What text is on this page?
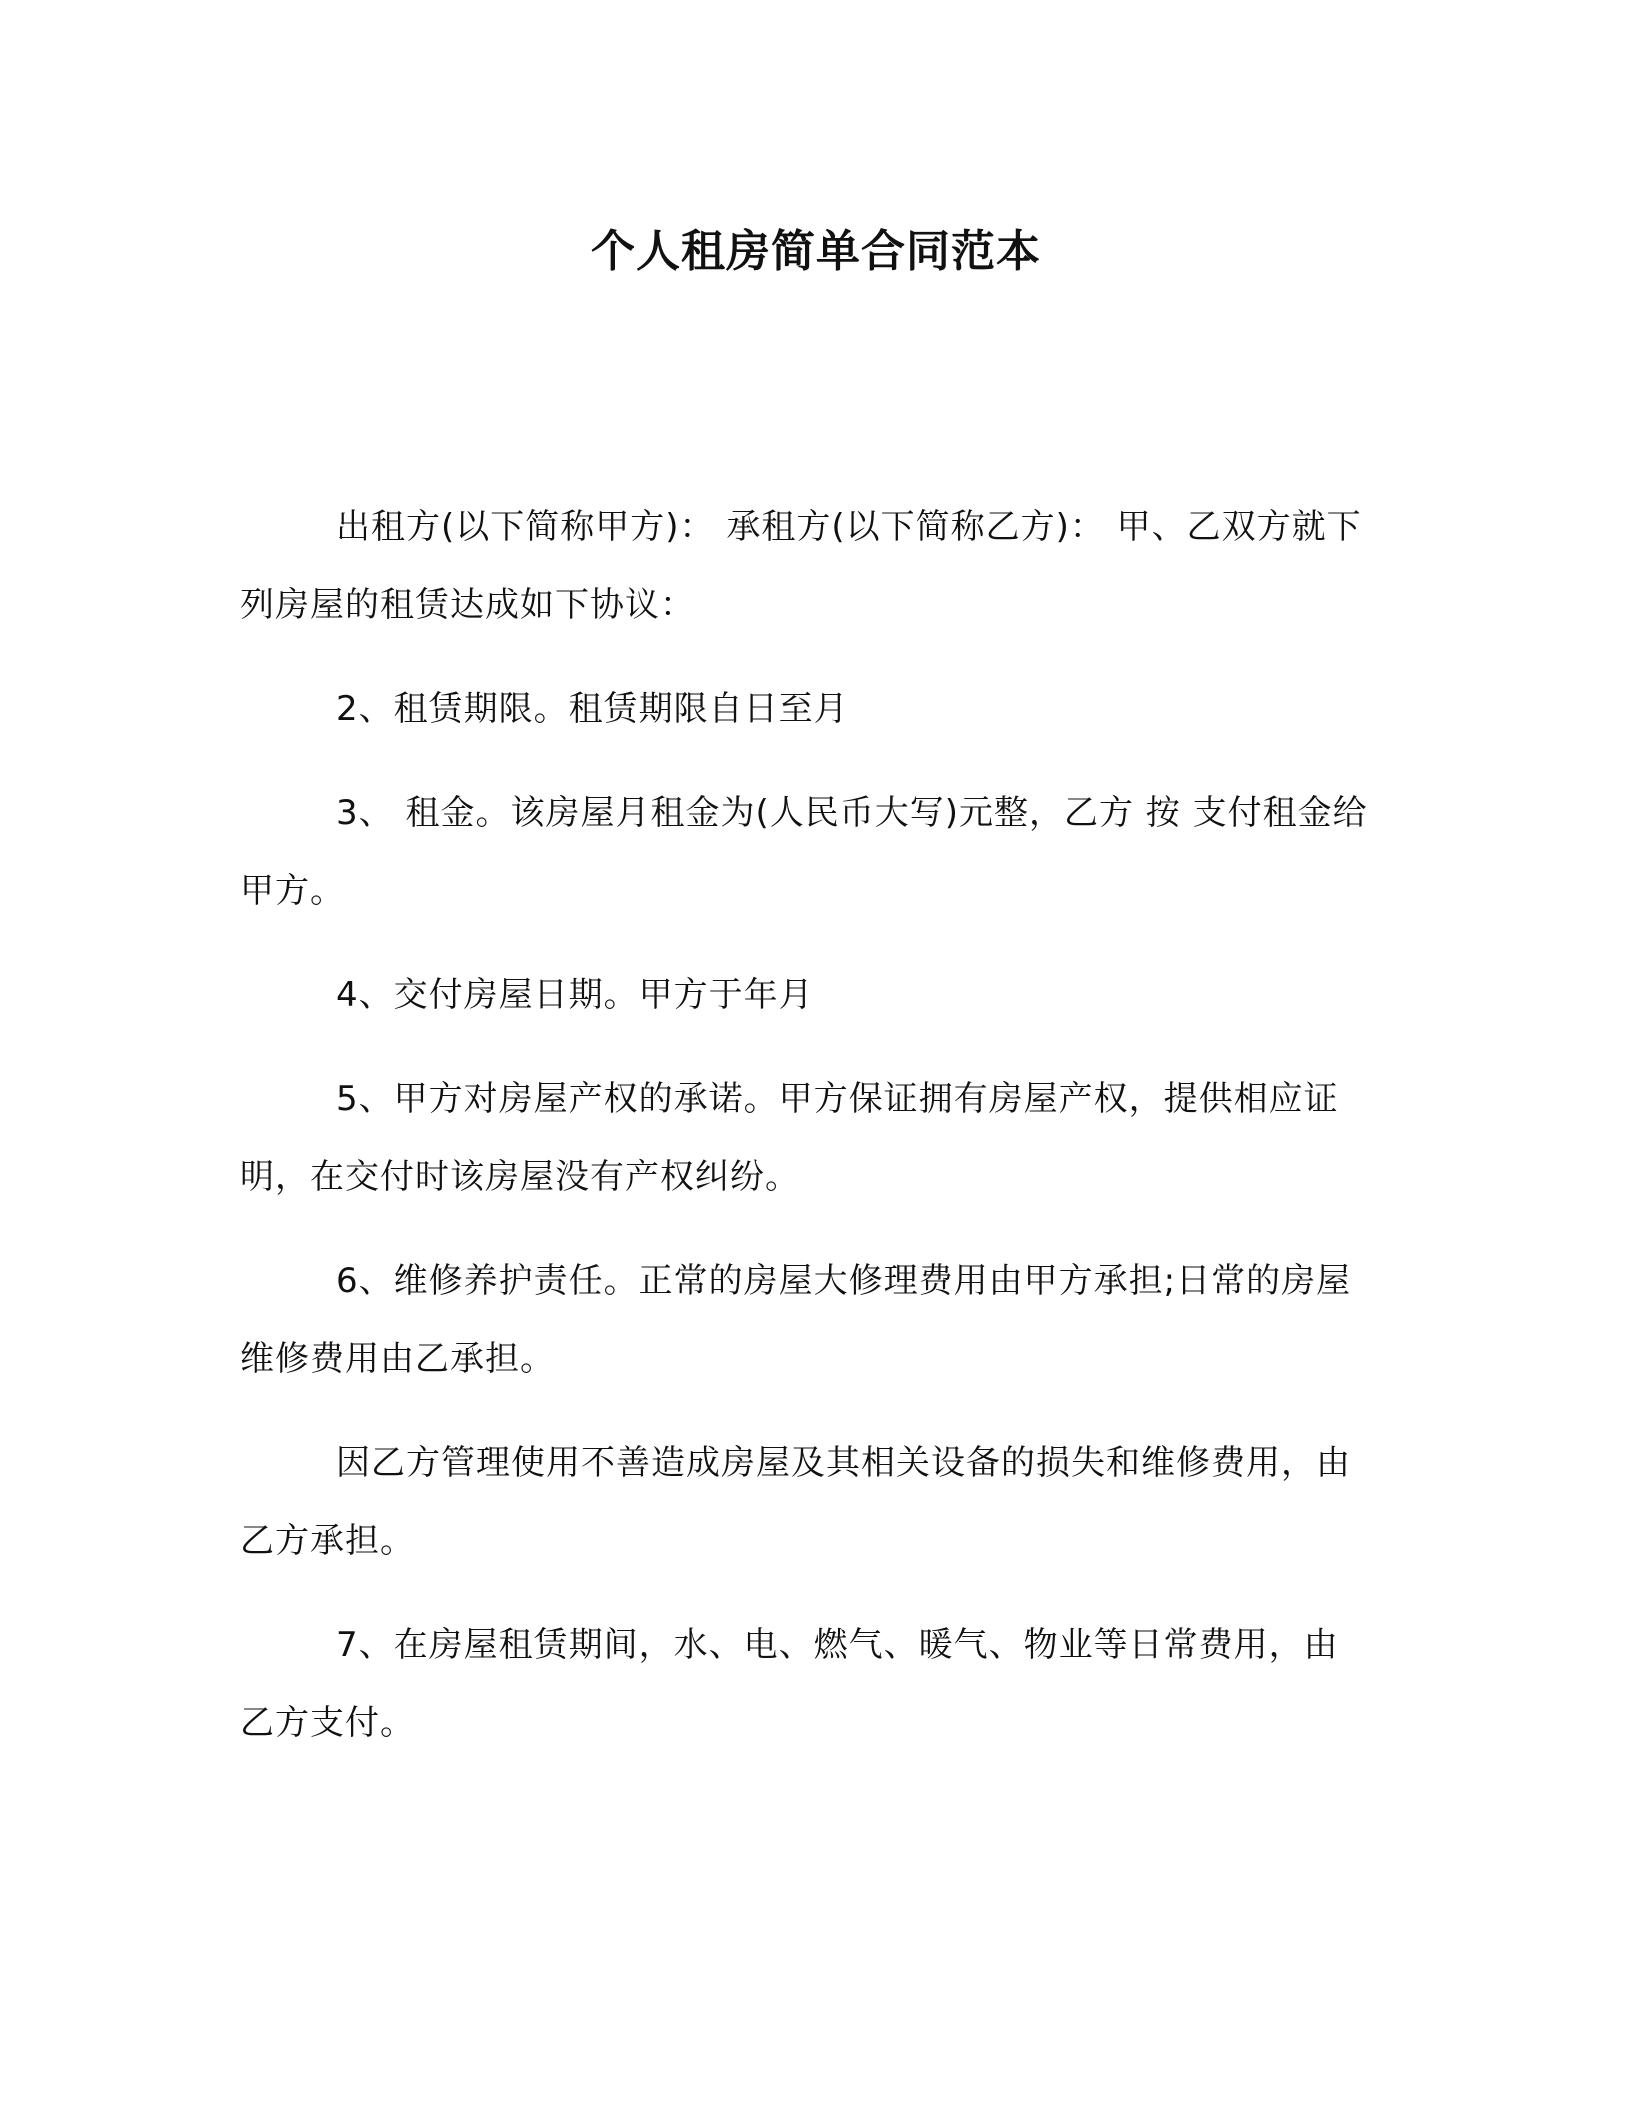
个人租房简单合同范本

出租方(以下简称甲方)： 承租方(以下简称乙方)： 甲、乙双方就下列房屋的租赁达成如下协议：

2、租赁期限。租赁期限自日至月

3、 租金。该房屋月租金为(人民币大写)元整，乙方 按 支付租金给甲方。

4、交付房屋日期。甲方于年月

5、甲方对房屋产权的承诺。甲方保证拥有房屋产权，提供相应证明，在交付时该房屋没有产权纠纷。

6、维修养护责任。正常的房屋大修理费用由甲方承担;日常的房屋维修费用由乙承担。

因乙方管理使用不善造成房屋及其相关设备的损失和维修费用，由乙方承担。

7、在房屋租赁期间，水、电、燃气、暖气、物业等日常费用，由乙方支付。
